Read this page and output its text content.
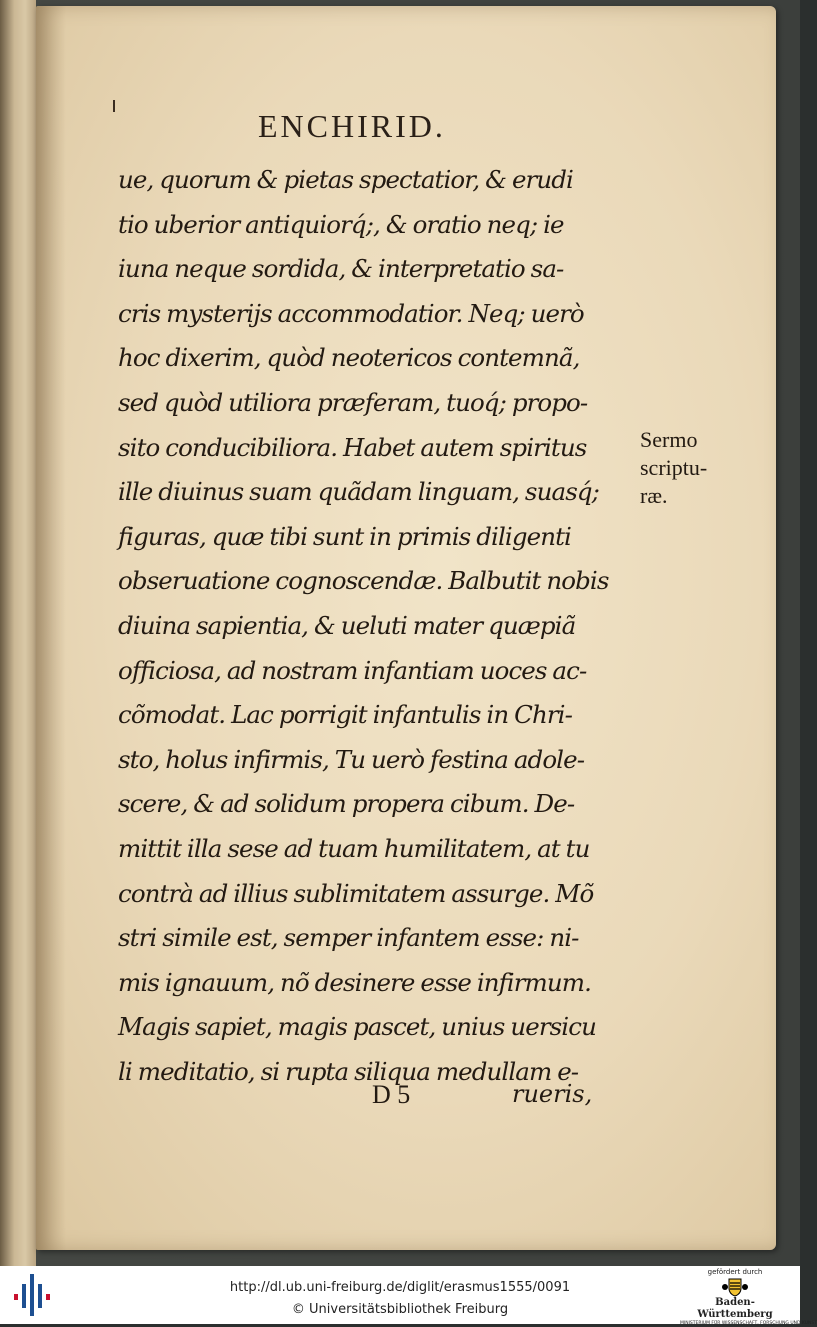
ENCHIRID.
ue, quorum & pietas spectatior, & erudi
tio uberior antiquiorq́;, & oratio neq; ie
iuna neque sordida, & interpretatio sa-
cris mysterijs accommodatior. Neq; uerò
hoc dixerim, quòd neotericos contemnã,
sed quòd utiliora præferam, tuoq́; propo-
sito conducibiliora. Habet autem spiritus
ille diuinus suam quãdam linguam, suasq́;
figuras, quæ tibi sunt in primis diligenti
obseruatione cognoscendæ. Balbutit nobis
diuina sapientia, & ueluti mater quæpiã
officiosa, ad nostram infantiam uoces ac-
cõmodat. Lac porrigit infantulis in Chri-
sto, holus infirmis, Tu uerò festina adole-
scere, & ad solidum propera cibum. De-
mittit illa sese ad tuam humilitatem, at tu
contrà ad illius sublimitatem assurge. Mõ
stri simile est, semper infantem esse: ni-
mis ignauum, nõ desinere esse infirmum.
Magis sapiet, magis pascet, unius uersicu
li meditatio, si rupta siliqua medullam e-
Sermo
scriptu-
ræ.
D 5	rueris,
http://dl.ub.uni-freiburg.de/diglit/erasmus1555/0091
© Universitätsbibliothek Freiburg
gefördert durch
Baden-Württemberg
MINISTERIUM FÜR WISSENSCHAFT, FORSCHUNG UND KUNST
